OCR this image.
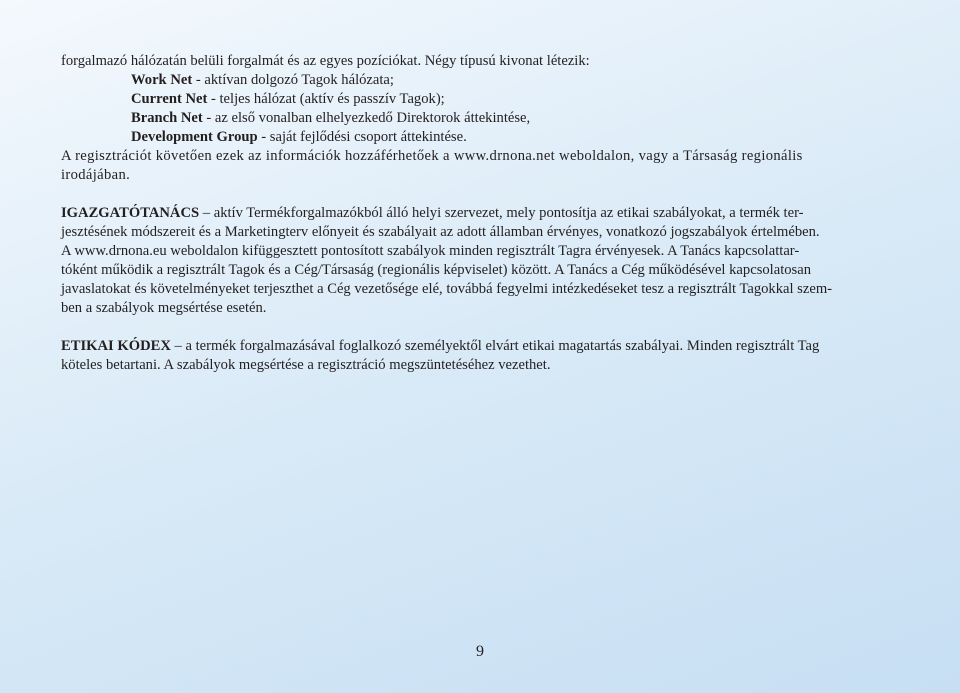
forgalmazó hálózatán belüli forgalmát és az egyes pozíciókat. Négy típusú kivonat létezik:
Work Net - aktívan dolgozó Tagok hálózata;
Current Net - teljes hálózat (aktív és passzív Tagok);
Branch Net - az első vonalban elhelyezkedő Direktorok áttekintése,
Development Group - saját fejlődési csoport áttekintése.
A regisztrációt követően ezek az információk hozzáférhetőek a www.drnona.net weboldalon, vagy a Társaság regionális
irodájában.
IGAZGATÓTANÁCS – aktív Termékforgalmazókból álló helyi szervezet, mely pontosítja az etikai szabályokat, a termék ter-
jesztésének módszereit és a Marketingterv előnyeit és szabályait az adott államban érvényes, vonatkozó jogszabályok értelmében.
A www.drnona.eu weboldalon kifüggesztett pontosított szabályok minden regisztrált Tagra érvényesek. A Tanács kapcsolattar-
tóként működik a regisztrált Tagok és a Cég/Társaság (regionális képviselet) között. A Tanács a Cég működésével kapcsolatosan
javaslatokat és követelményeket terjeszthet a Cég vezetősége elé, továbbá fegyelmi intézkedéseket tesz a regisztrált Tagokkal szem-
ben a szabályok megsértése esetén.
ETIKAI KÓDEX – a termék forgalmazásával foglalkozó személyektől elvárt etikai magatartás szabályai. Minden regisztrált Tag
köteles betartani. A szabályok megsértése a regisztráció megszüntetéséhez vezethet.
9
